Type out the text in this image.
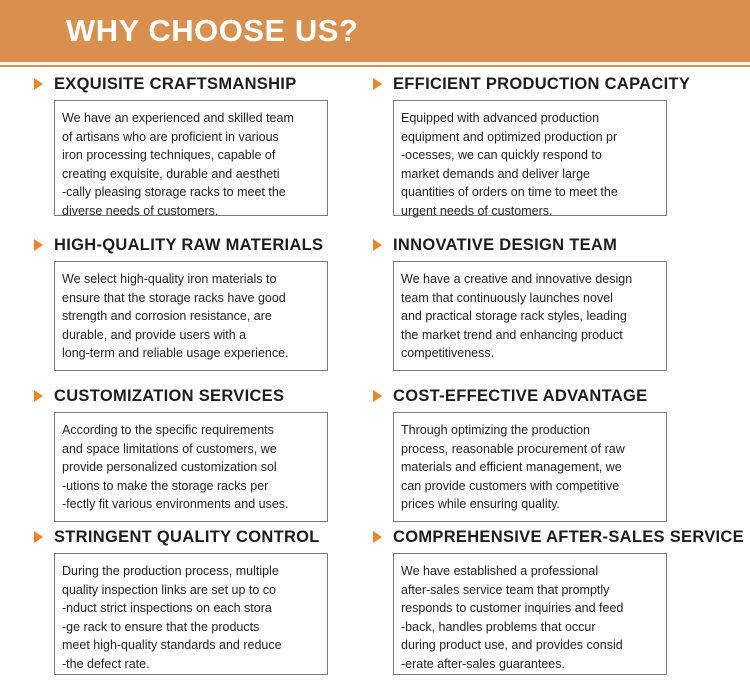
WHY CHOOSE US?
EXQUISITE CRAFTSMANSHIP

We have an experienced and skilled team

of artisans who are proficient in various

iron processing techniques, capable of

creating exquisite, durable and aestheti

-cally pleasing storage racks to meet the

diverse needs of customers.

EFFICIENT PRODUCTION CAPACITY

Equipped with advanced production

equipment and optimized production pr

-ocesses, we can quickly respond to

market demands and deliver large

quantities of orders on time to meet the

urgent needs of customers.

HIGH-QUALITY RAW MATERIALS

We select high-quality iron materials to

ensure that the storage racks have good

strength and corrosion resistance, are

durable, and provide users with a

long-term and reliable usage experience.

INNOVATIVE DESIGN TEAM

We have a creative and innovative design

team that continuously launches novel

and practical storage rack styles, leading

the market trend and enhancing product

competitiveness.

CUSTOMIZATION SERVICES

According to the specific requirements

and space limitations of customers, we

provide personalized customization sol

-utions to make the storage racks per

-fectly fit various environments and uses.

COST-EFFECTIVE ADVANTAGE

Through optimizing the production

process, reasonable procurement of raw

materials and efficient management, we

can provide customers with competitive

prices while ensuring quality.

STRINGENT QUALITY CONTROL

During the production process, multiple

quality inspection links are set up to co

-nduct strict inspections on each stora

-ge rack to ensure that the products

meet high-quality standards and reduce

-the defect rate.

COMPREHENSIVE AFTER-SALES SERVICE

We have established a professional

after-sales service team that promptly

responds to customer inquiries and feed

-back, handles problems that occur

during product use, and provides consid

-erate after-sales guarantees.
